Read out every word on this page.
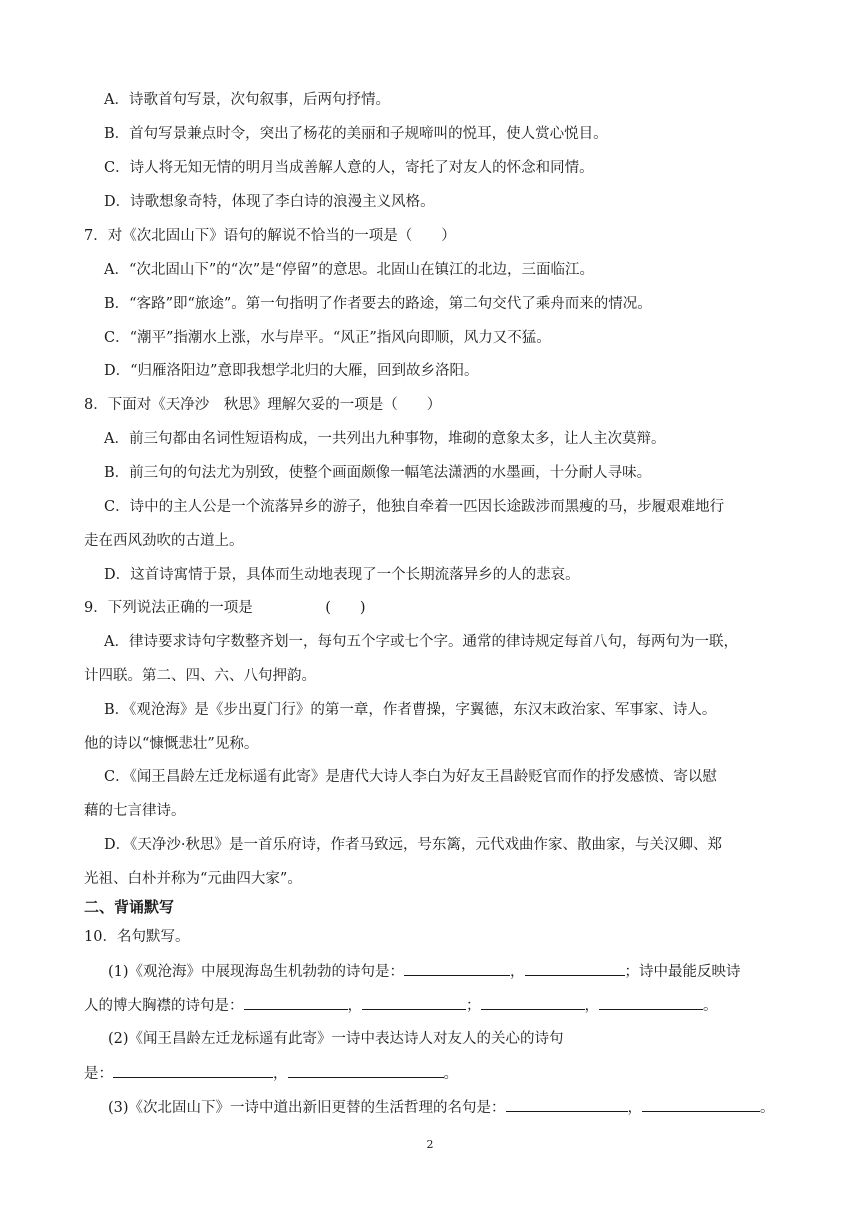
A．诗歌首句写景，次句叙事，后两句抒情。
B．首句写景兼点时令，突出了杨花的美丽和子规啼叫的悦耳，使人赏心悦目。
C．诗人将无知无情的明月当成善解人意的人，寄托了对友人的怀念和同情。
D．诗歌想象奇特，体现了李白诗的浪漫主义风格。
7．对《次北固山下》语句的解说不恰当的一项是（　　）
A．“次北固山下”的“次”是“停留”的意思。北固山在镇江的北边，三面临江。
B．“客路”即“旅途”。第一句指明了作者要去的路途，第二句交代了乘舟而来的情况。
C．“潮平”指潮水上涨，水与岸平。“风正”指风向即顺，风力又不猛。
D．“归雁洛阳边”意即我想学北归的大雁，回到故乡洛阳。
8．下面对《天净沙　秋思》理解欠妥的一项是（　　）
A．前三句都由名词性短语构成，一共列出九种事物，堆砌的意象太多，让人主次莫辩。
B．前三句的句法尤为别致，使整个画面颇像一幅笔法潇洒的水墨画，十分耐人寻味。
C．诗中的主人公是一个流落异乡的游子，他独自牵着一匹因长途跋涉而黑瘦的马，步履艰难地行
走在西风劲吹的古道上。
D．这首诗寓情于景，具体而生动地表现了一个长期流落异乡的人的悲哀。
9．下列说法正确的一项是　　　　　(　　)
A．律诗要求诗句字数整齐划一，每句五个字或七个字。通常的律诗规定每首八句，每两句为一联，
计四联。第二、四、六、八句押韵。
B．《观沧海》是《步出夏门行》的第一章，作者曹操，字翼德，东汉末政治家、军事家、诗人。
他的诗以“慷慨悲壮”见称。
C．《闻王昌龄左迁龙标遥有此寄》是唐代大诗人李白为好友王昌龄贬官而作的抒发感愤、寄以慰
藉的七言律诗。
D．《天净沙·秋思》是一首乐府诗，作者马致远，号东篱，元代戏曲作家、散曲家，与关汉卿、郑
光祖、白朴并称为“元曲四大家”。
二、背诵默写
10．名句默写。
(1)《观沧海》中展现海岛生机勃勃的诗句是：	，	；诗中最能反映诗
人的博大胸襟的诗句是：	，	；	，	。
(2)《闻王昌龄左迁龙标遥有此寄》一诗中表达诗人对友人的关心的诗句
是：	，	。
(3)《次北固山下》一诗中道出新旧更替的生活哲理的名句是：	，	。
2
